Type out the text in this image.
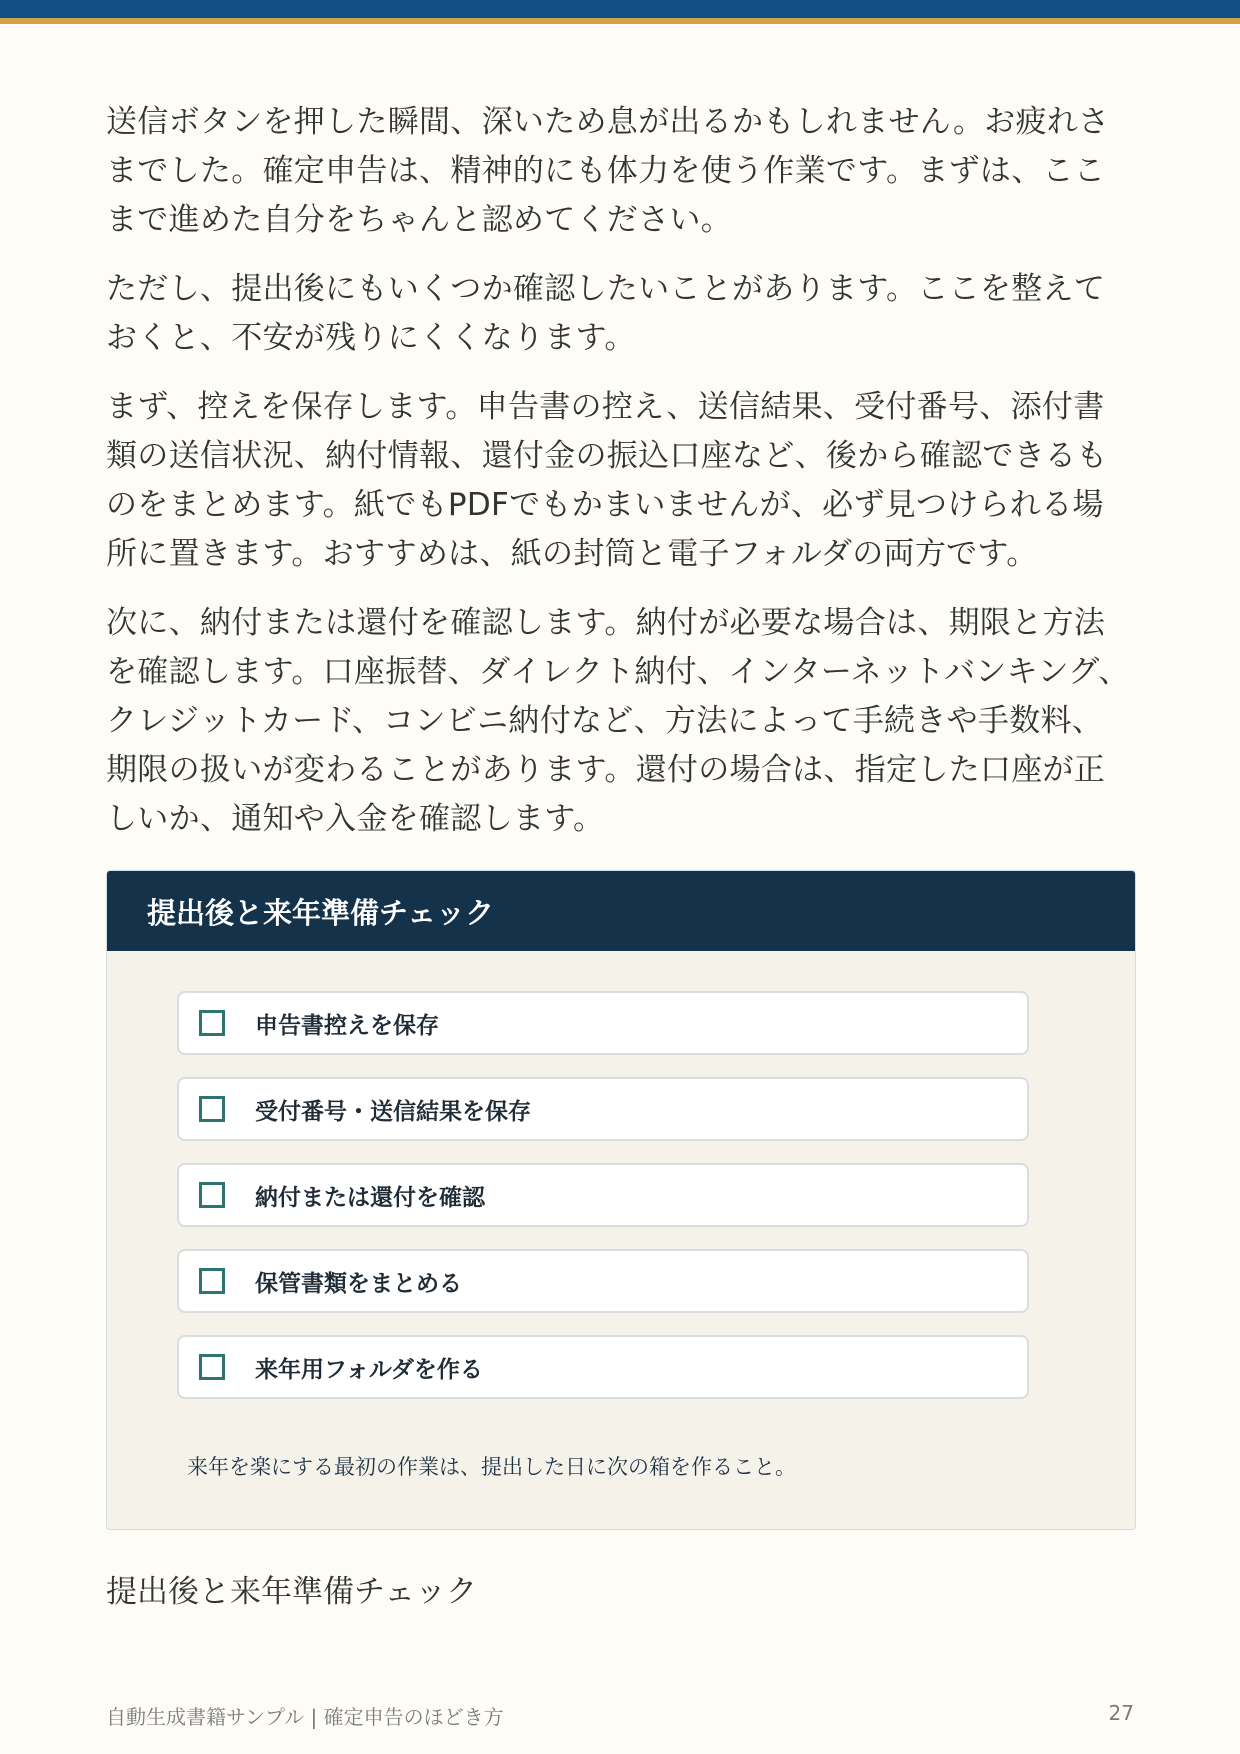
送信ボタンを押した瞬間、深いため息が出るかもしれません。お疲れさまでした。確定申告は、精神的にも体力を使う作業です。まずは、ここまで進めた自分をちゃんと認めてください。

ただし、提出後にもいくつか確認したいことがあります。ここを整えておくと、不安が残りにくくなります。

まず、控えを保存します。申告書の控え、送信結果、受付番号、添付書類の送信状況、納付情報、還付金の振込口座など、後から確認できるものをまとめます。紙でもPDFでもかまいませんが、必ず見つけられる場所に置きます。おすすめは、紙の封筒と電子フォルダの両方です。

次に、納付または還付を確認します。納付が必要な場合は、期限と方法を確認します。口座振替、ダイレクト納付、インターネットバンキング、クレジットカード、コンビニ納付など、方法によって手続きや手数料、期限の扱いが変わることがあります。還付の場合は、指定した口座が正しいか、通知や入金を確認します。

提出後と来年準備チェック
申告書控えを保存
受付番号・送信結果を保存
納付または還付を確認
保管書類をまとめる
来年用フォルダを作る
来年を楽にする最初の作業は、提出した日に次の箱を作ること。
提出後と来年準備チェック
自動生成書籍サンプル | 確定申告のほどき方	27
